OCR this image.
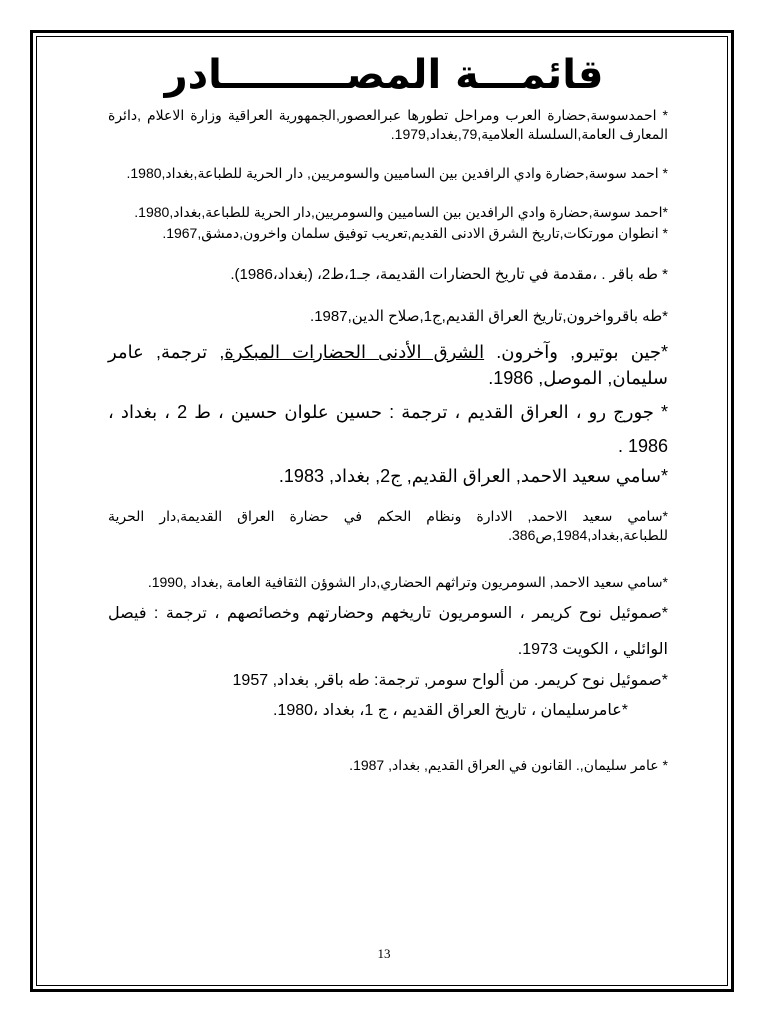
قائمـــة المصـــــــــادر

* احمدسوسة,حضارة العرب ومراحل تطورها عبرالعصور,الجمهورية العراقية وزارة الاعلام ,دائرة المعارف العامة,السلسلة العلامية,79,بغداد,1979.

* احمد سوسة,حضارة وادي الرافدين بين الساميين والسومريين, دار الحرية للطباعة,بغداد,1980.

*احمد سوسة,حضارة وادي الرافدين بين الساميين والسومريين,دار الحرية للطباعة,بغداد,1980.

* انطوان مورتكات,تاريخ الشرق الادنى القديم,تعريب توفيق سلمان واخرون,دمشق,1967.

* طه باقر . ،مقدمة في تاريخ الحضارات القديمة، جـ1،ط2، (بغداد،1986).

*طه باقرواخرون,تاريخ العراق القديم,ج1,صلاح الدين,1987.

*جين بوتيرو, وآخرون. الشرق الأدنى الحضارات المبكرة, ترجمة, عامر سليمان, الموصل, 1986.

* جورج رو ، العراق القديم ، ترجمة : حسين علوان حسين ، ط 2 ، بغداد ، 1986 .

*سامي سعيد الاحمد, العراق القديم, ج2, بغداد, 1983.

*سامي سعيد الاحمد, الادارة ونظام الحكم في حضارة العراق القديمة,دار الحرية للطباعة,بغداد,1984,ص386.

*سامي سعيد الاحمد, السومريون وتراثهم الحضاري,دار الشوؤن الثقافية العامة ,بغداد ,1990.

*صموئيل نوح كريمر ، السومريون تاريخهم وحضارتهم وخصائصهم ، ترجمة : فيصل الوائلي ، الكويت 1973.

*صموئيل نوح كريمر. من ألواح سومر, ترجمة: طه باقر, بغداد, 1957

*عامرسليمان ، تاريخ العراق القديم ، ج 1، بغداد ،1980.

* عامر سليمان,. القانون في العراق القديم, بغداد, 1987.

13
